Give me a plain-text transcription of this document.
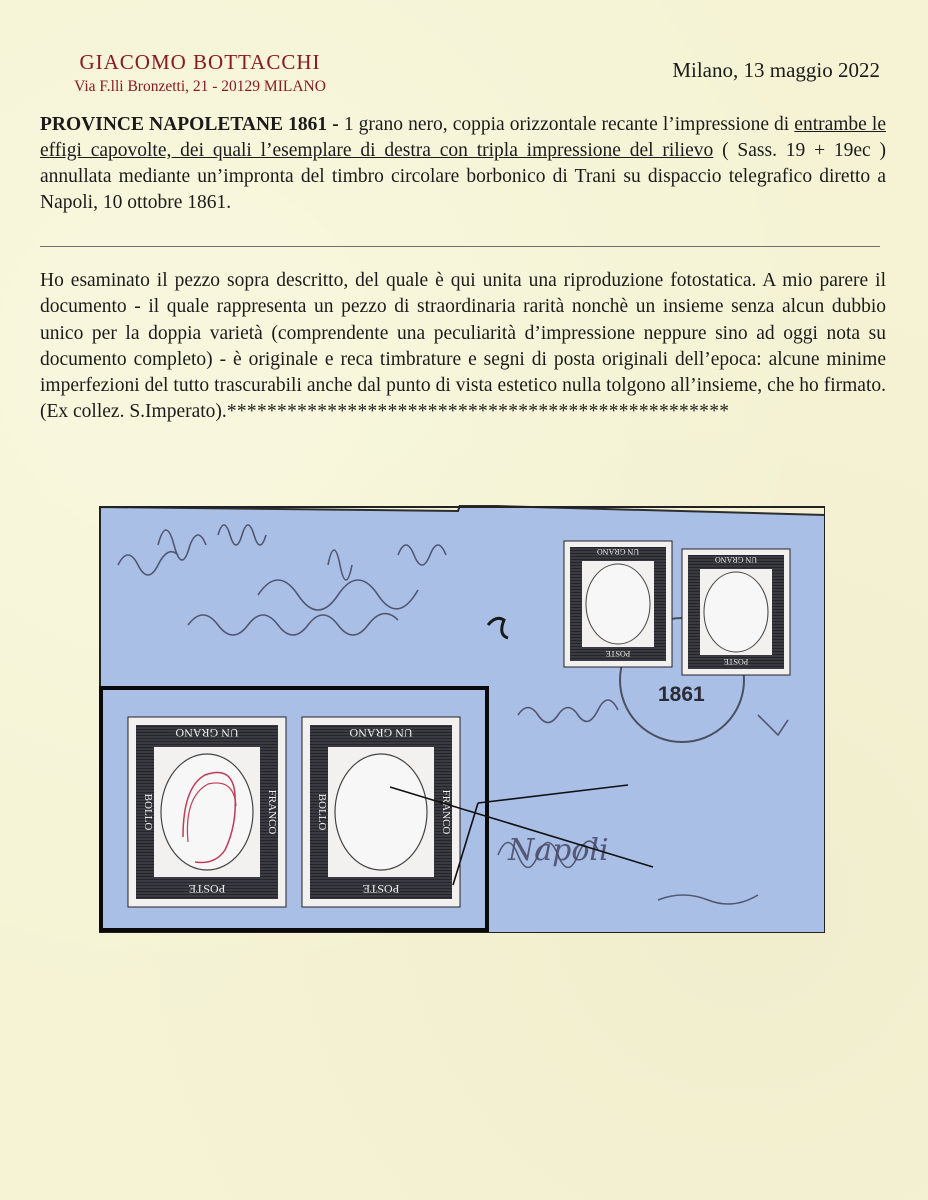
GIACOMO BOTTACCHI
Via F.lli Bronzetti, 21 - 20129 MILANO
Milano, 13 maggio 2022
PROVINCE NAPOLETANE 1861 - 1 grano nero, coppia orizzontale recante l’impressione di entrambe le effigi capovolte, dei quali l’esemplare di destra con tripla impressione del rilievo ( Sass. 19 + 19ec ) annullata mediante un’impronta del timbro circolare borbonico di Trani su dispaccio telegrafico diretto a Napoli, 10 ottobre 1861.
Ho esaminato il pezzo sopra descritto, del quale è qui unita una riproduzione fotostatica. A mio parere il documento - il quale rappresenta un pezzo di straordinaria rarità nonchè un insieme senza alcun dubbio unico per la doppia varietà (comprendente una peculiarità d’impressione neppure sino ad oggi nota su documento completo) - è originale e reca timbrature e segni di posta originali dell’epoca: alcune minime imperfezioni del tutto trascurabili anche dal punto di vista estetico nulla tolgono all’insieme, che ho firmato. (Ex collez. S.Imperato).**************************************************
1861
Napoli
UN GRANO
POSTE
UN GRANO
POSTE
UN GRANO
POSTE
BOLLO	FRANCO
UN GRANO
POSTE
BOLLO	FRANCO
